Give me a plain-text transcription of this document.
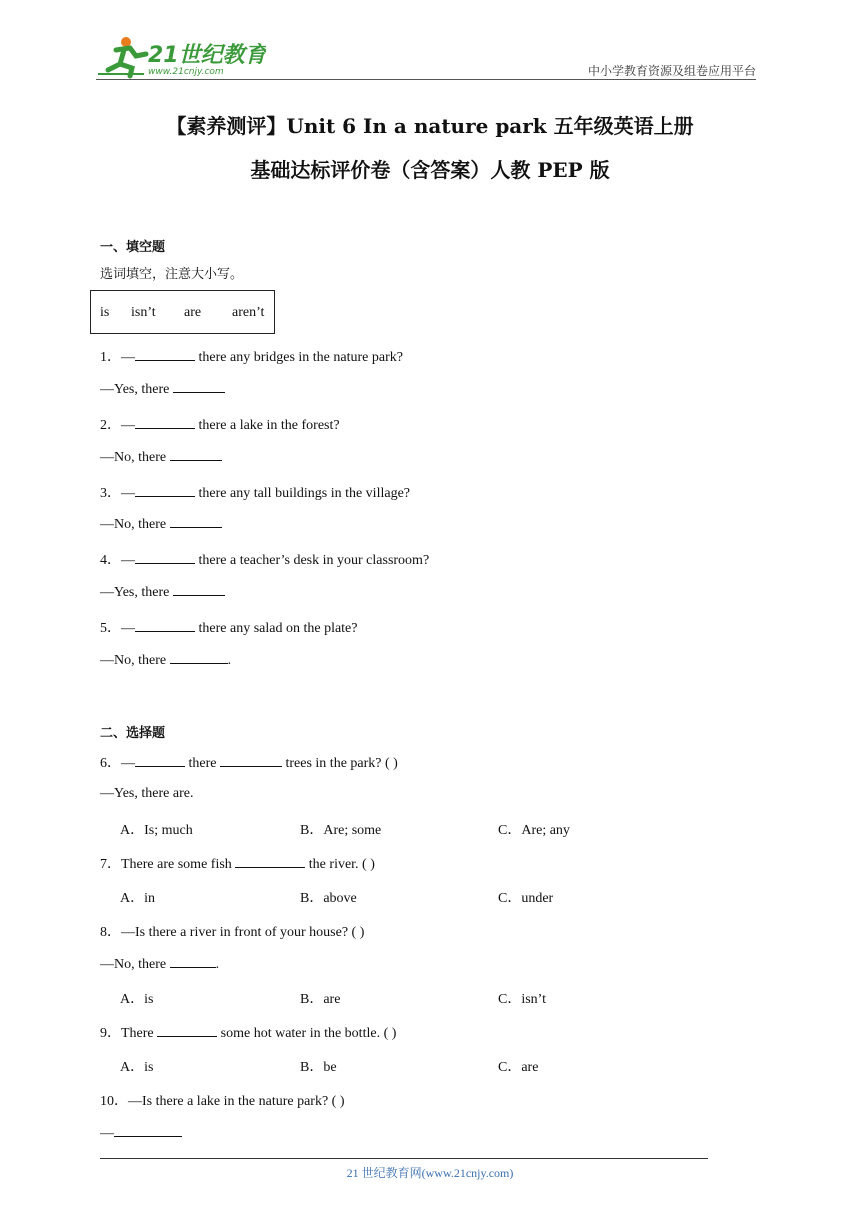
21世纪教育
www.21cnjy.com	中小学教育资源及组卷应用平台
【素养测评】Unit 6 In a nature park 五年级英语上册
基础达标评价卷（含答案）人教 PEP 版
一、填空题
选词填空，注意大小写。
is isn’t are aren’t
1．—	there any bridges in the nature park?
—Yes, there
2．—	there a lake in the forest?
—No, there
3．—	there any tall buildings in the village?
—No, there
4．—	there a teacher’s desk in your classroom?
—Yes, there
5．—	there any salad on the plate?
—No, there	.
二、选择题
6．—	there	trees in the park? ( )
—Yes, there are.
A．Is; much	B．Are; some	C．Are; any
7．There are some fish	the river. ( )
A．in	B．above	C．under
8．—Is there a river in front of your house? ( )
—No, there	.
A．is	B．are	C．isn’t
9．There	some hot water in the bottle. ( )
A．is	B．be	C．are
10．—Is there a lake in the nature park? ( )
—
21 世纪教育网(www.21cnjy.com)
